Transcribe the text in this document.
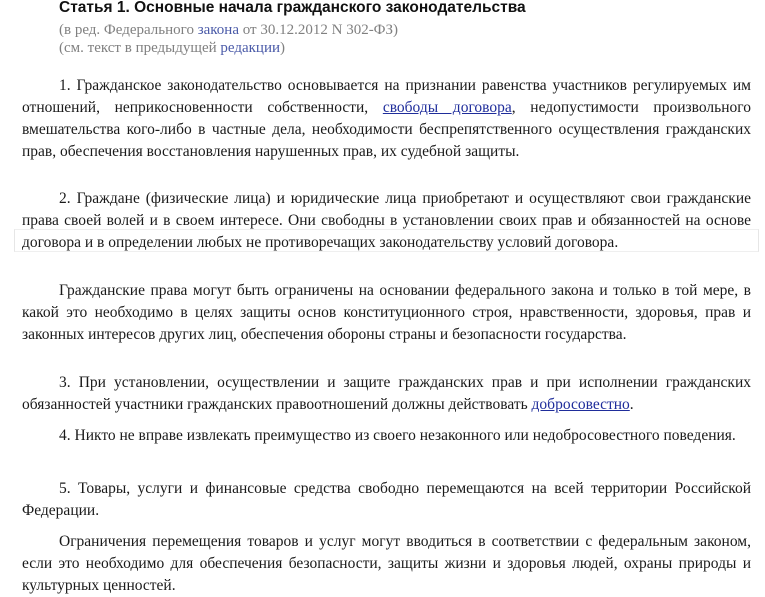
Статья 1. Основные начала гражданского законодательства
(в ред. Федерального закона от 30.12.2012 N 302-ФЗ)
(см. текст в предыдущей редакции)

1. Гражданское законодательство основывается на признании равенства участников регулируемых им отношений, неприкосновенности собственности, свободы договора, недопустимости произвольного вмешательства кого-либо в частные дела, необходимости беспрепятственного осуществления гражданских прав, обеспечения восстановления нарушенных прав, их судебной защиты.

2. Граждане (физические лица) и юридические лица приобретают и осуществляют свои гражданские права своей волей и в своем интересе. Они свободны в установлении своих прав и обязанностей на основе договора и в определении любых не противоречащих законодательству условий договора.

Гражданские права могут быть ограничены на основании федерального закона и только в той мере, в какой это необходимо в целях защиты основ конституционного строя, нравственности, здоровья, прав и законных интересов других лиц, обеспечения обороны страны и безопасности государства.

3. При установлении, осуществлении и защите гражданских прав и при исполнении гражданских обязанностей участники гражданских правоотношений должны действовать добросовестно.

4. Никто не вправе извлекать преимущество из своего незаконного или недобросовестного поведения.

5. Товары, услуги и финансовые средства свободно перемещаются на всей территории Российской Федерации.

Ограничения перемещения товаров и услуг могут вводиться в соответствии с федеральным законом, если это необходимо для обеспечения безопасности, защиты жизни и здоровья людей, охраны природы и культурных ценностей.
